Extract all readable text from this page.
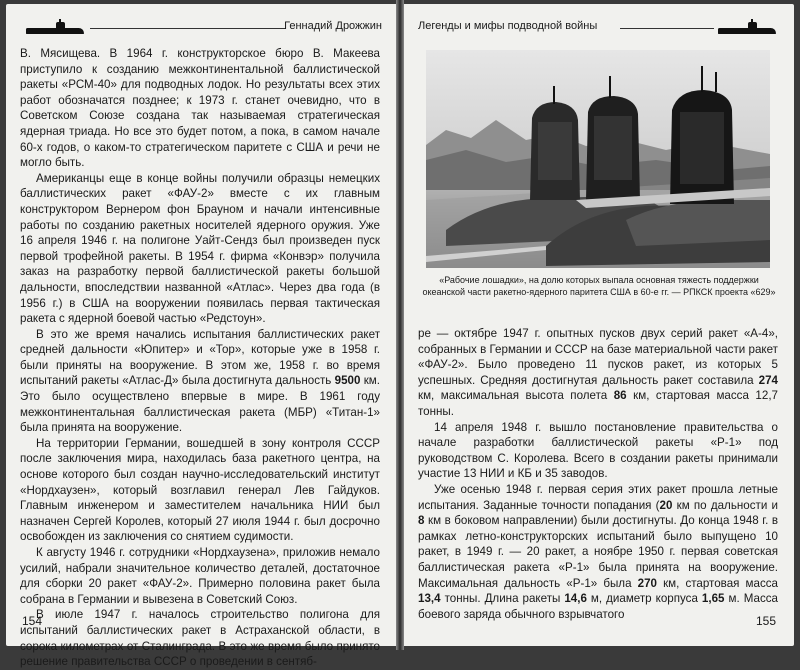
Геннадий Дрожжин

В. Мясищева. В 1964 г. конструкторское бюро В. Макеева приступило к созданию межконтинентальной баллистической ракеты «РСМ-40» для подводных лодок. Но результаты всех этих работ обозначатся позднее; к 1973 г. станет очевидно, что в Советском Союзе создана так называемая стратегическая ядерная триада. Но все это будет потом, а пока, в самом начале 60-х годов, о каком-то стратегическом паритете с США и речи не могло быть.

Американцы еще в конце войны получили образцы немецких баллистических ракет «ФАУ-2» вместе с их главным конструктором Вернером фон Брауном и начали интенсивные работы по созданию ракетных носителей ядерного оружия. Уже 16 апреля 1946 г. на полигоне Уайт-Сендз был произведен пуск первой трофейной ракеты. В 1954 г. фирма «Конвэр» получила заказ на разработку первой баллистической ракеты большой дальности, впоследствии названной «Атлас». Через два года (в 1956 г.) в США на вооружении появилась первая тактическая ракета с ядерной боевой частью «Редстоун».

В это же время начались испытания баллистических ракет средней дальности «Юпитер» и «Тор», которые уже в 1958 г. были приняты на вооружение. В этом же, 1958 г. во время испытаний ракеты «Атлас-Д» была достигнута дальность 9500 км. Это было осуществлено впервые в мире. В 1961 году межконтинентальная баллистическая ракета (МБР) «Титан-1» была принята на вооружение.

На территории Германии, вошедшей в зону контроля СССР после заключения мира, находилась база ракетного центра, на основе которого был создан научно-исследовательский институт «Нордхаузен», который возглавил генерал Лев Гайдуков. Главным инженером и заместителем начальника НИИ был назначен Сергей Королев, который 27 июля 1944 г. был досрочно освобожден из заключения со снятием судимости.

К августу 1946 г. сотрудники «Нордхаузена», приложив немало усилий, набрали значительное количество деталей, достаточное для сборки 20 ракет «ФАУ-2». Примерно половина ракет была собрана в Германии и вывезена в Советский Союз.

В июле 1947 г. началось строительство полигона для испытаний баллистических ракет в Астраханской области, в сорока километрах от Сталинграда. В это же время было принято решение правительства СССР о проведении в сентяб-

154
Легенды и мифы подводной войны
«Рабочие лошадки», на долю которых выпала основная тяжесть поддержки океанской части ракетно-ядерного паритета США в 60-е гг. — РПКСК проекта «629»

ре — октябре 1947 г. опытных пусков двух серий ракет «А-4», собранных в Германии и СССР на базе материальной части ракет «ФАУ-2». Было проведено 11 пусков ракет, из которых 5 успешных. Средняя достигнутая дальность ракет составила 274 км, максимальная высота полета 86 км, стартовая масса 12,7 тонны.

14 апреля 1948 г. вышло постановление правительства о начале разработки баллистической ракеты «Р-1» под руководством С. Королева. Всего в создании ракеты принимали участие 13 НИИ и КБ и 35 заводов.

Уже осенью 1948 г. первая серия этих ракет прошла летные испытания. Заданные точности попадания (20 км по дальности и 8 км в боковом направлении) были достигнуты. До конца 1948 г. в рамках летно-конструкторских испытаний было выпущено 10 ракет, в 1949 г. — 20 ракет, а ноябре 1950 г. первая советская баллистическая ракета «Р-1» была принята на вооружение. Максимальная дальность «Р-1» была 270 км, стартовая масса 13,4 тонны. Длина ракеты 14,6 м, диаметр корпуса 1,65 м. Масса боевого заряда обычного взрывчатого	155
